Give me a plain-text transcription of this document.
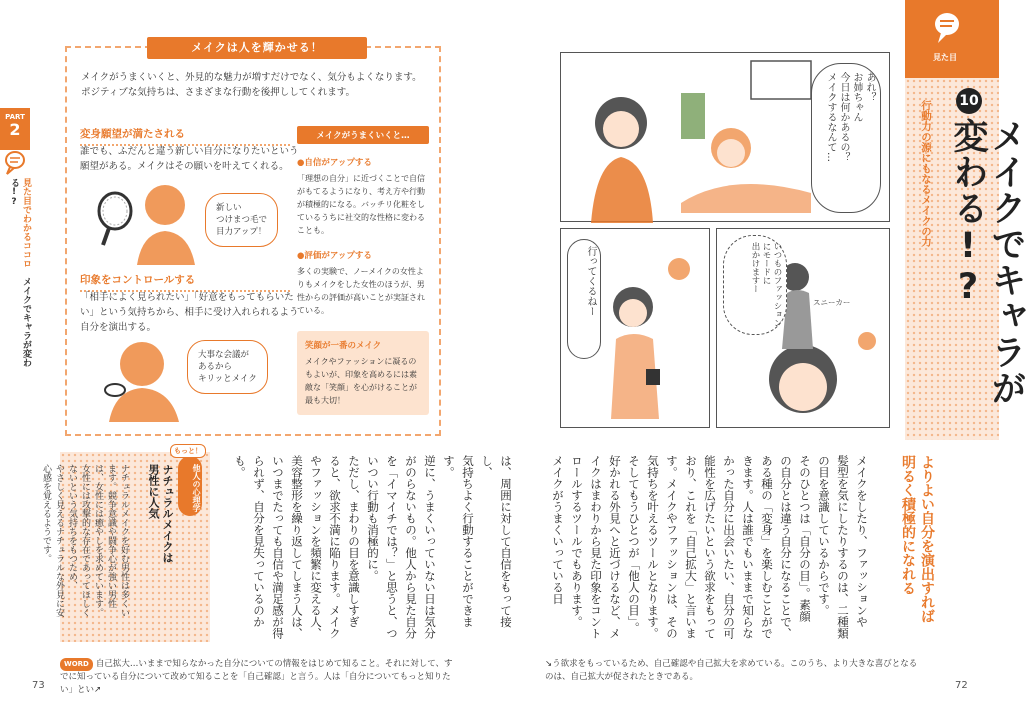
PART
2
見た目でわかるココロ　メイクでキャラが変わる!?
メイクは人を輝かせる！

メイクがうまくいくと、外見的な魅力が増すだけでなく、気分もよくなります。ポジティブな気持ちは、さまざまな行動を後押ししてくれます。

変身願望が満たされる

誰でも、ふだんと違う新しい自分になりたいという願望がある。メイクはその願いを叶えてくれる。

新しい
つけまつ毛で
目力アップ！
印象をコントロールする

「相手によく見られたい」「好意をもってもらいたい」という気持ちから、相手に受け入れられるよう自分を演出する。

大事な会議が
あるから
キリッとメイク
メイクがうまくいくと…
●自信がアップする

「理想の自分」に近づくことで自信がもてるようになり、考え方や行動が積極的になる。バッチリ化粧をしているうちに社交的な性格に変わることも。

●評価がアップする

多くの実験で、ノーメイクの女性よりもメイクをした女性のほうが、男性からの評価が高いことが実証されている。

笑顔が一番のメイク

メイクやファッションに凝るのもよいが、印象を高めるには素敵な「笑顔」を心がけることが最も大切！

は、周囲に対して自信をもって接し、
気持ちよく行動することができます。
逆に、うまくいっていない日は気分
がのらないもの。他人から見た自分
を「イマイチでは？」と思うと、つ
いつい行動も消極的に。
ただし、まわりの目を意識しすぎ
ると、欲求不満に陥ります。メイク
やファッションを頻繁に変える人、
美容整形を繰り返してしまう人は、
いつまでたっても自信や満足感が得
られず、自分を見失っているのかも。
他人の心理学
もっと！
ナチュラルメイクは
男性に人気
ナチュラルメイクを好む男性は多くい
ます。競争意識や闘争心が強い男性
は、女性には癒やしを求めています。
女性には攻撃的な存在であってほしく
ないという気持ちをもつため、
やさしく見えるナチュラルな外見に安
心感を覚えるようです。
WORD 自己拡大…いままで知らなかった自分についての情報をはじめて知ること。それに対して、すでに知っている自分について改めて知ることを「自己確認」と言う。人は「自分についてもっと知りたい」とい↗
73
あれ？
お姉ちゃん
今日は何かあるの？
メイクするなんて…
行ってくるねー	いつものファッションにモードに
出かけますー
スニーカー
見た目
10
メイクでキャラが変わる!?
行動力の源にもなるメイクの力
よりよい自分を演出すれば
明るく積極的になれる
メイクをしたり、ファッションや
髪型を気にしたりするのは、二種類
の目を意識しているからです。
そのひとつは「自分の目」。素顔
の自分とは違う自分になることで、
ある種の「変身」を楽しむことがで
きます。人は誰でもいままで知らな
かった自分に出会いたい、自分の可
能性を広げたいという欲求をもって
おり、これを「自己拡大」と言いま
す。メイクやファッションは、その
気持ちを叶えるツールとなります。
そしてもうひとつが「他人の目」。
好かれる外見へと近づけるなど、メ
イクはまわりから見た印象をコント
ロールするツールでもあります。
メイクがうまくいっている日
↘う欲求をもっているため、自己確認や自己拡大を求めている。このうち、より大きな喜びとなるのは、自己拡大が促されたときである。
72
